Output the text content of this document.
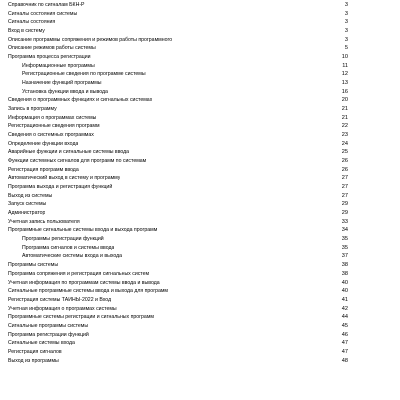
Справочник по сигналам БКН-Р	3
Сигналы состояния системы	3
Сигналы состояния	3
Вход в систему	3
Описание программы сопряжения и режимов работы программного	3
Описание режимов работы системы	5
Программа процесса регистрации	10
Информационные программы	11
Регистрационные сведения по программе системы	12
Назначение функций программы	13
Установка функции ввода и вывода	16
Сведения о программных функциях и сигнальных системах	20
Запись в программу	21
Информация о программах системы	21
Регистрационные сведения программ	22
Сведения о системных программах	23
Определение функции входа	24
Аварийные функции и сигнальные системы ввода	25
Функции системных сигналов для программ по системам	26
Регистрация программ ввода	26
Автоматический выход в систему и программу	27
Программа выхода и регистрация функций	27
Выход из системы	27
Запуск системы	29
Администратор	29
Учетная запись пользователя	33
Программные сигнальные системы входа и выхода программ	34
Программы регистрации функций	35
Программа сигналов и системы ввода	35
Автоматические системы входа и выхода	37
Программы системы	38
Программа сопряжения и регистрация сигнальных систем	38
Учетная информация по программам системы ввода и вывода	40
Сигнальные программные системы ввода и выхода для программ	40
Регистрация системы ТАИНЫ-2022 и Вход	41
Учетная информация о программах системы	42
Программные системы регистрации и сигнальных программ	44
Сигнальные программы системы	45
Программа регистрации функций	46
Сигнальные системы входа	47
Регистрация сигналов	47
Выход из программы	48
